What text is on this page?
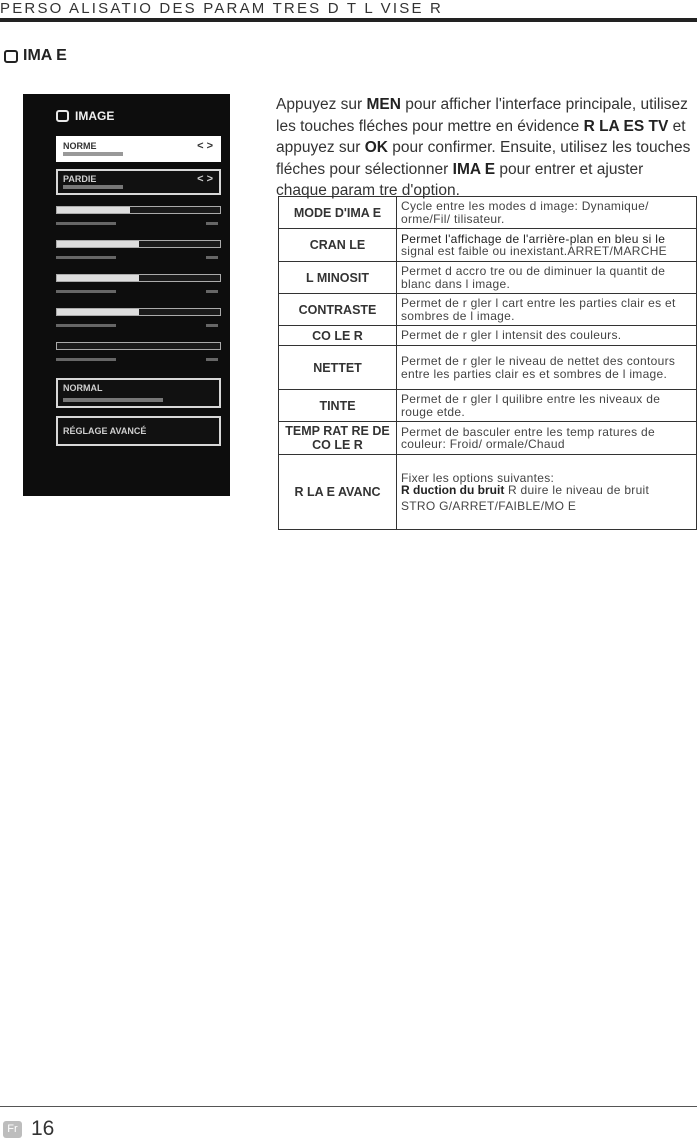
PERSO ALISATIO DES PARAM TRES D T L VISE R
IMA E
IMAGE
NORME	< >
PARDIE	< >
NORMAL
RÉGLAGE AVANCÉ
Appuyez sur MEN pour afficher l'interface principale, utilisez les touches fléches pour mettre en évidence R LA ES TV et appuyez sur OK pour confirmer. Ensuite, utilisez les touches fléches pour sélectionner IMA E pour entrer et ajuster chaque param tre d'option.
MODE D'IMA E	Cycle entre les modes d image: Dynamique/ orme/Fil/ tilisateur.
CRAN LE	Permet l'affichage de l'arrière-plan en bleu si le
signal est faible ou inexistant.ARRET/MARCHE

L MINOSIT	Permet d accro tre ou de diminuer la quantit de blanc dans l image.
CONTRASTE	Permet de r gler l cart entre les parties clair es et sombres de l image.
CO LE R	Permet de r gler l intensit des couleurs.
NETTET	Permet de r gler le niveau de nettet des contours entre les parties clair es et sombres de l image.
TINTE	Permet de r gler l quilibre entre les niveaux de rouge etde.
TEMP RAT RE DE CO LE R	Permet de basculer entre les temp ratures de couleur: Froid/ ormale/Chaud
R LA E AVANC	Fixer les options suivantes:
R duction du bruit R duire le niveau de bruit
STRO G/ARRET/FAIBLE/MO E
Fr 16
